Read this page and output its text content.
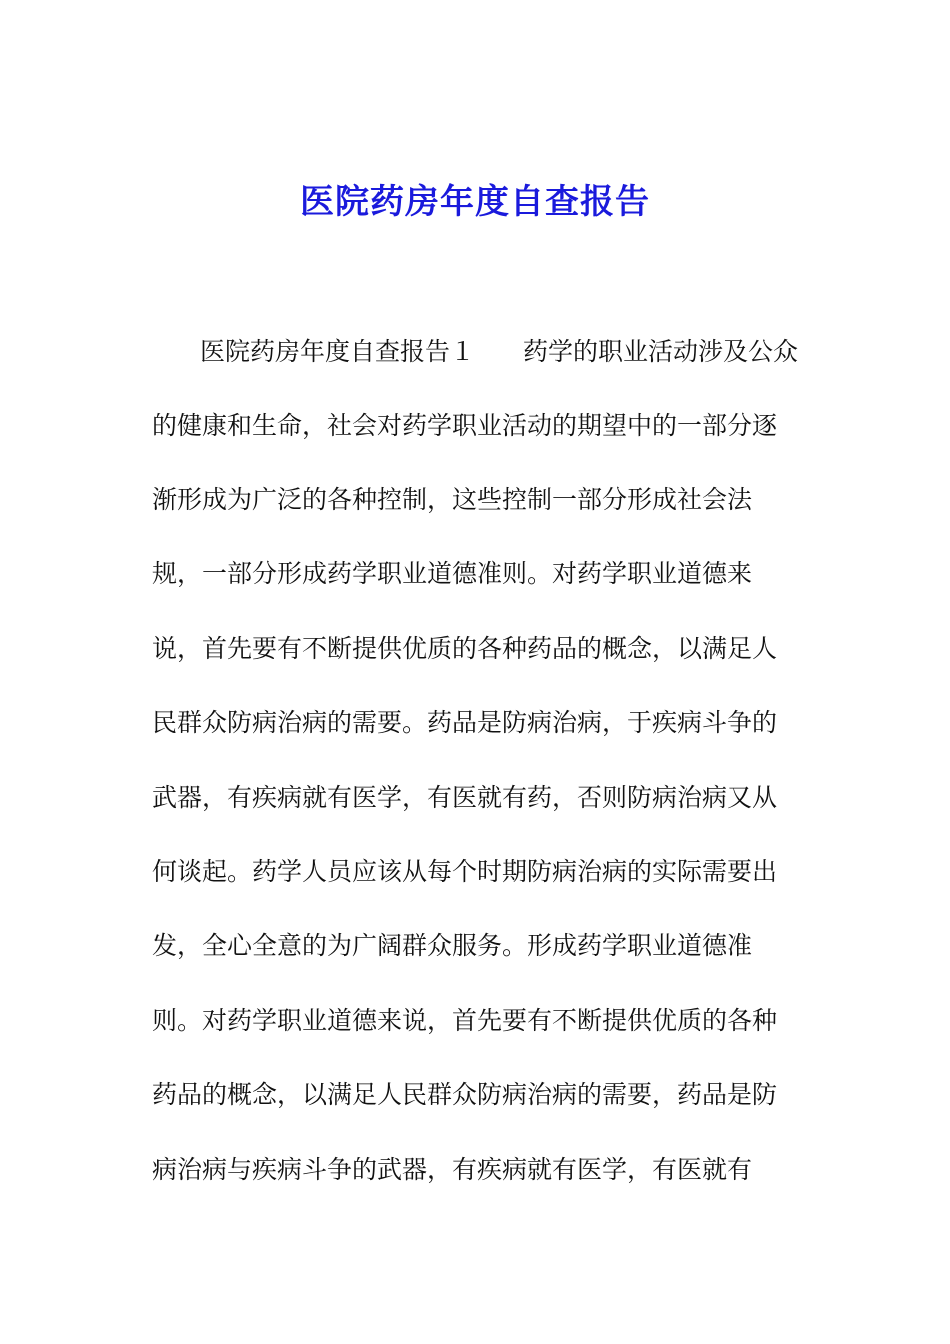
医院药房年度自查报告
医院药房年度自查报告１ 药学的职业活动涉及公众
的健康和生命，社会对药学职业活动的期望中的一部分逐
渐形成为广泛的各种控制，这些控制一部分形成社会法
规，一部分形成药学职业道德准则。对药学职业道德来
说，首先要有不断提供优质的各种药品的概念，以满足人
民群众防病治病的需要。药品是防病治病，于疾病斗争的
武器，有疾病就有医学，有医就有药，否则防病治病又从
何谈起。药学人员应该从每个时期防病治病的实际需要出
发，全心全意的为广阔群众服务。形成药学职业道德准
则。对药学职业道德来说，首先要有不断提供优质的各种
药品的概念，以满足人民群众防病治病的需要，药品是防
病治病与疾病斗争的武器，有疾病就有医学，有医就有
